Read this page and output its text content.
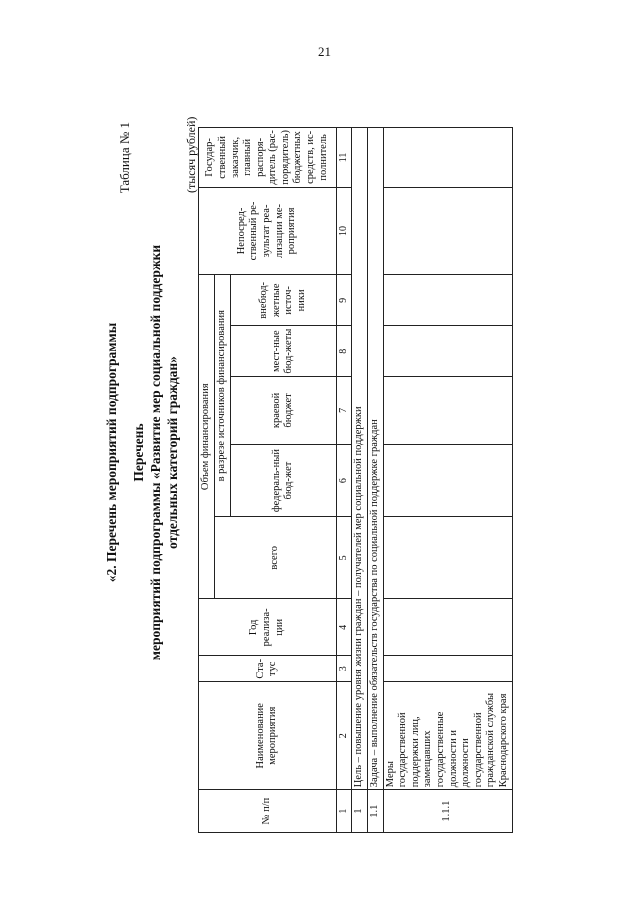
21
«2. Перечень мероприятий подпрограммы
Таблица № 1
Перечень мероприятий подпрограммы «Развитие мер социальной поддержки отдельных категорий граждан»
(тысяч рублей)
№ п/п	Наименование мероприятия	Ста-тус	Год реализа-ции	Объем финансирования					Непосред-ственный ре-зультат реа-лизации ме-роприятия	Государ-ственный заказчик, главный распоря-дитель (рас-порядитель) бюджетных средств, ис-полнитель
				всего	в разрезе источников финансирования					
					федераль-ный бюд-жет	краевой бюджет	мест-ные бюд-жеты	внебюд-жетные источ-ники		
1	2	3	4	5	6	7	8	9	10	11
1	Цель – повышение уровня жизни граждан – получателей мер социальной поддержки									
1.1	Задача – выполнение обязательств государства по социальной поддержке граждан									
1.1.1	Меры государственной поддержки лиц, замещавших государственные должности и должности государственной гражданской службы Краснодарского края									
